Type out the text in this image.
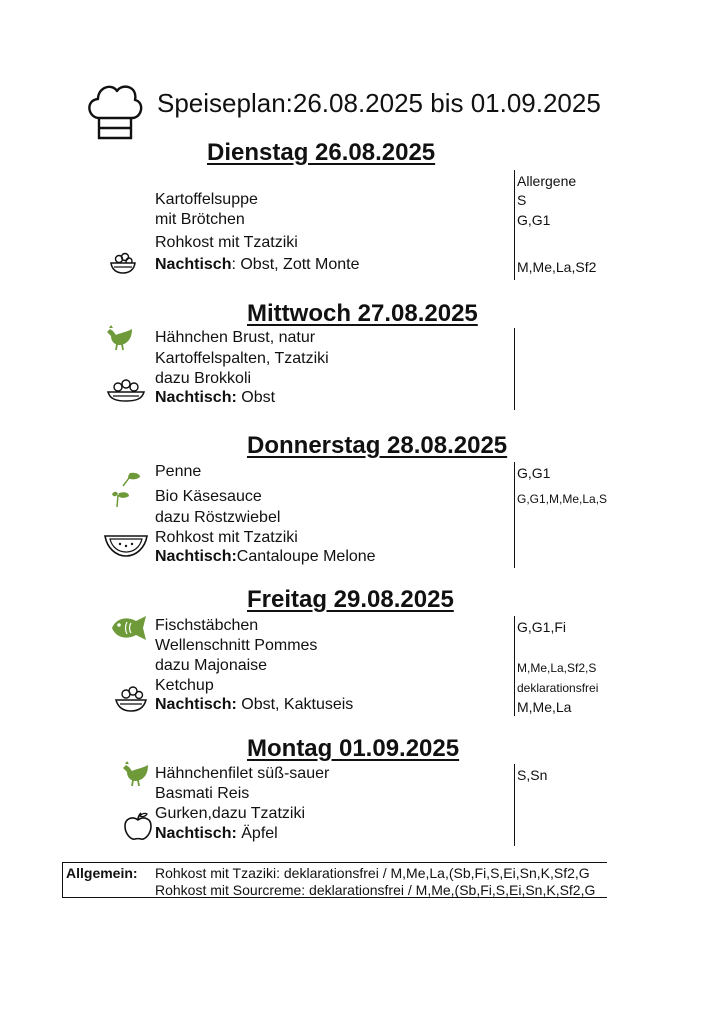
Speiseplan:26.08.2025 bis 01.09.2025
Dienstag 26.08.2025
Allergene
Kartoffelsuppe	S
mit Brötchen	G,G1
Rohkost mit Tzatziki
Nachtisch: Obst, Zott Monte	M,Me,La,Sf2
Mittwoch 27.08.2025
Hähnchen Brust, natur
Kartoffelspalten, Tzatziki
dazu Brokkoli
Nachtisch: Obst
Donnerstag 28.08.2025
Penne	G,G1
Bio Käsesauce	G,G1,M,Me,La,S
dazu Röstzwiebel
Rohkost mit Tzatziki
Nachtisch:Cantaloupe Melone
Freitag 29.08.2025
Fischstäbchen	G,G1,Fi
Wellenschnitt Pommes
dazu Majonaise	M,Me,La,Sf2,S
Ketchup	deklarationsfrei
Nachtisch: Obst, Kaktuseis	M,Me,La
Montag 01.09.2025
Hähnchenfilet süß-sauer	S,Sn
Basmati Reis
Gurken,dazu Tzatziki
Nachtisch: Äpfel
Allgemein: Rohkost mit Tzaziki: deklarationsfrei / M,Me,La,(Sb,Fi,S,Ei,Sn,K,Sf2,G
Rohkost mit Sourcreme: deklarationsfrei / M,Me,(Sb,Fi,S,Ei,Sn,K,Sf2,G
